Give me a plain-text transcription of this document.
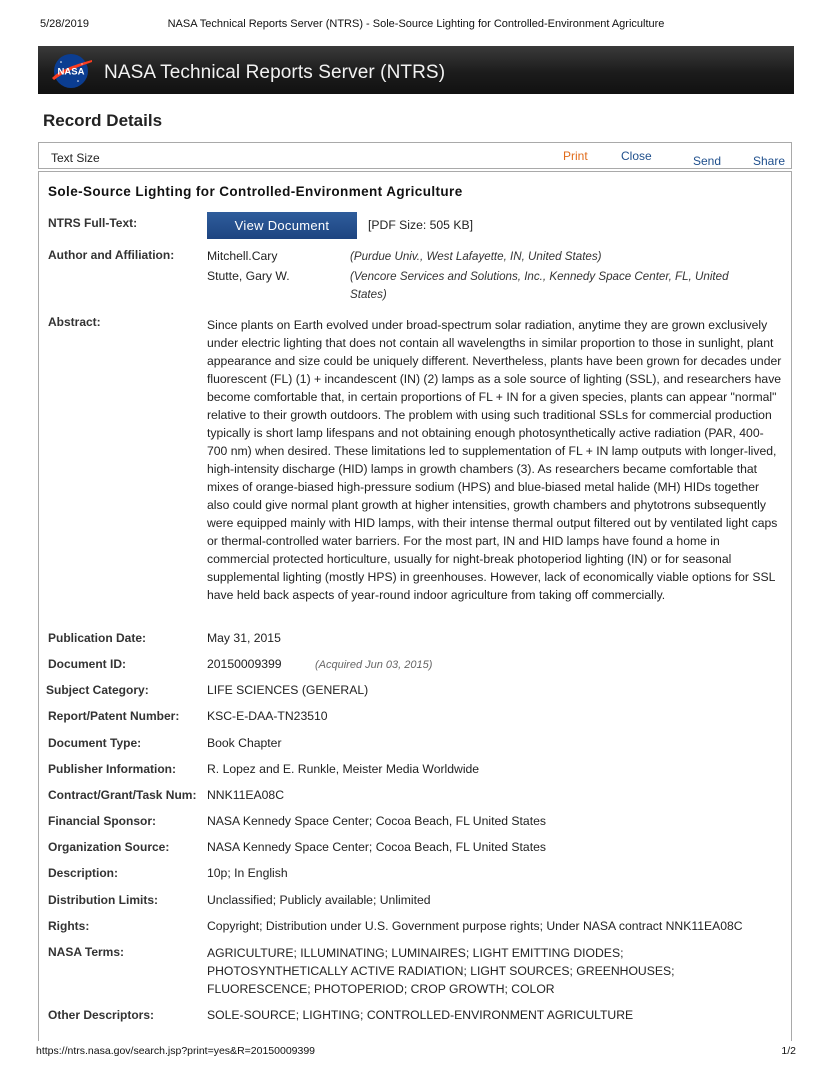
5/28/2019	NASA Technical Reports Server (NTRS) - Sole-Source Lighting for Controlled-Environment Agriculture
NASA NASA Technical Reports Server (NTRS)
Record Details
Text Size	Print	Close	Send	Share
Sole-Source Lighting for Controlled-Environment Agriculture
NTRS Full-Text:	View Document	[PDF Size: 505 KB]
Author and Affiliation:	Mitchell.Cary	(Purdue Univ., West Lafayette, IN, United States)
Stutte, Gary W.	(Vencore Services and Solutions, Inc., Kennedy Space Center, FL, United States)
Abstract:	Since plants on Earth evolved under broad-spectrum solar radiation, anytime they are grown exclusively under electric lighting that does not contain all wavelengths in similar proportion to those in sunlight, plant appearance and size could be uniquely different. Nevertheless, plants have been grown for decades under fluorescent (FL) (1) + incandescent (IN) (2) lamps as a sole source of lighting (SSL), and researchers have become comfortable that, in certain proportions of FL + IN for a given species, plants can appear "normal" relative to their growth outdoors. The problem with using such traditional SSLs for commercial production typically is short lamp lifespans and not obtaining enough photosynthetically active radiation (PAR, 400-700 nm) when desired. These limitations led to supplementation of FL + IN lamp outputs with longer-lived, high-intensity discharge (HID) lamps in growth chambers (3). As researchers became comfortable that mixes of orange-biased high-pressure sodium (HPS) and blue-biased metal halide (MH) HIDs together also could give normal plant growth at higher intensities, growth chambers and phytotrons subsequently were equipped mainly with HID lamps, with their intense thermal output filtered out by ventilated light caps or thermal-controlled water barriers. For the most part, IN and HID lamps have found a home in commercial protected horticulture, usually for night-break photoperiod lighting (IN) or for seasonal supplemental lighting (mostly HPS) in greenhouses. However, lack of economically viable options for SSL have held back aspects of year-round indoor agriculture from taking off commercially.
Publication Date:	May 31, 2015
Document ID:	20150009399	(Acquired Jun 03, 2015)
Subject Category:	LIFE SCIENCES (GENERAL)
Report/Patent Number: KSC-E-DAA-TN23510
Document Type:	Book Chapter
Publisher Information:	R. Lopez and E. Runkle, Meister Media Worldwide
Contract/Grant/Task Num: NNK11EA08C
Financial Sponsor:	NASA Kennedy Space Center; Cocoa Beach, FL United States
Organization Source:	NASA Kennedy Space Center; Cocoa Beach, FL United States
Description:	10p; In English
Distribution Limits:	Unclassified; Publicly available; Unlimited
Rights:	Copyright; Distribution under U.S. Government purpose rights; Under NASA contract NNK11EA08C
NASA Terms:	AGRICULTURE; ILLUMINATING; LUMINAIRES; LIGHT EMITTING DIODES; PHOTOSYNTHETICALLY ACTIVE RADIATION; LIGHT SOURCES; GREENHOUSES; FLUORESCENCE; PHOTOPERIOD; CROP GROWTH; COLOR
Other Descriptors:	SOLE-SOURCE; LIGHTING; CONTROLLED-ENVIRONMENT AGRICULTURE
https://ntrs.nasa.gov/search.jsp?print=yes&R=20150009399	1/2
